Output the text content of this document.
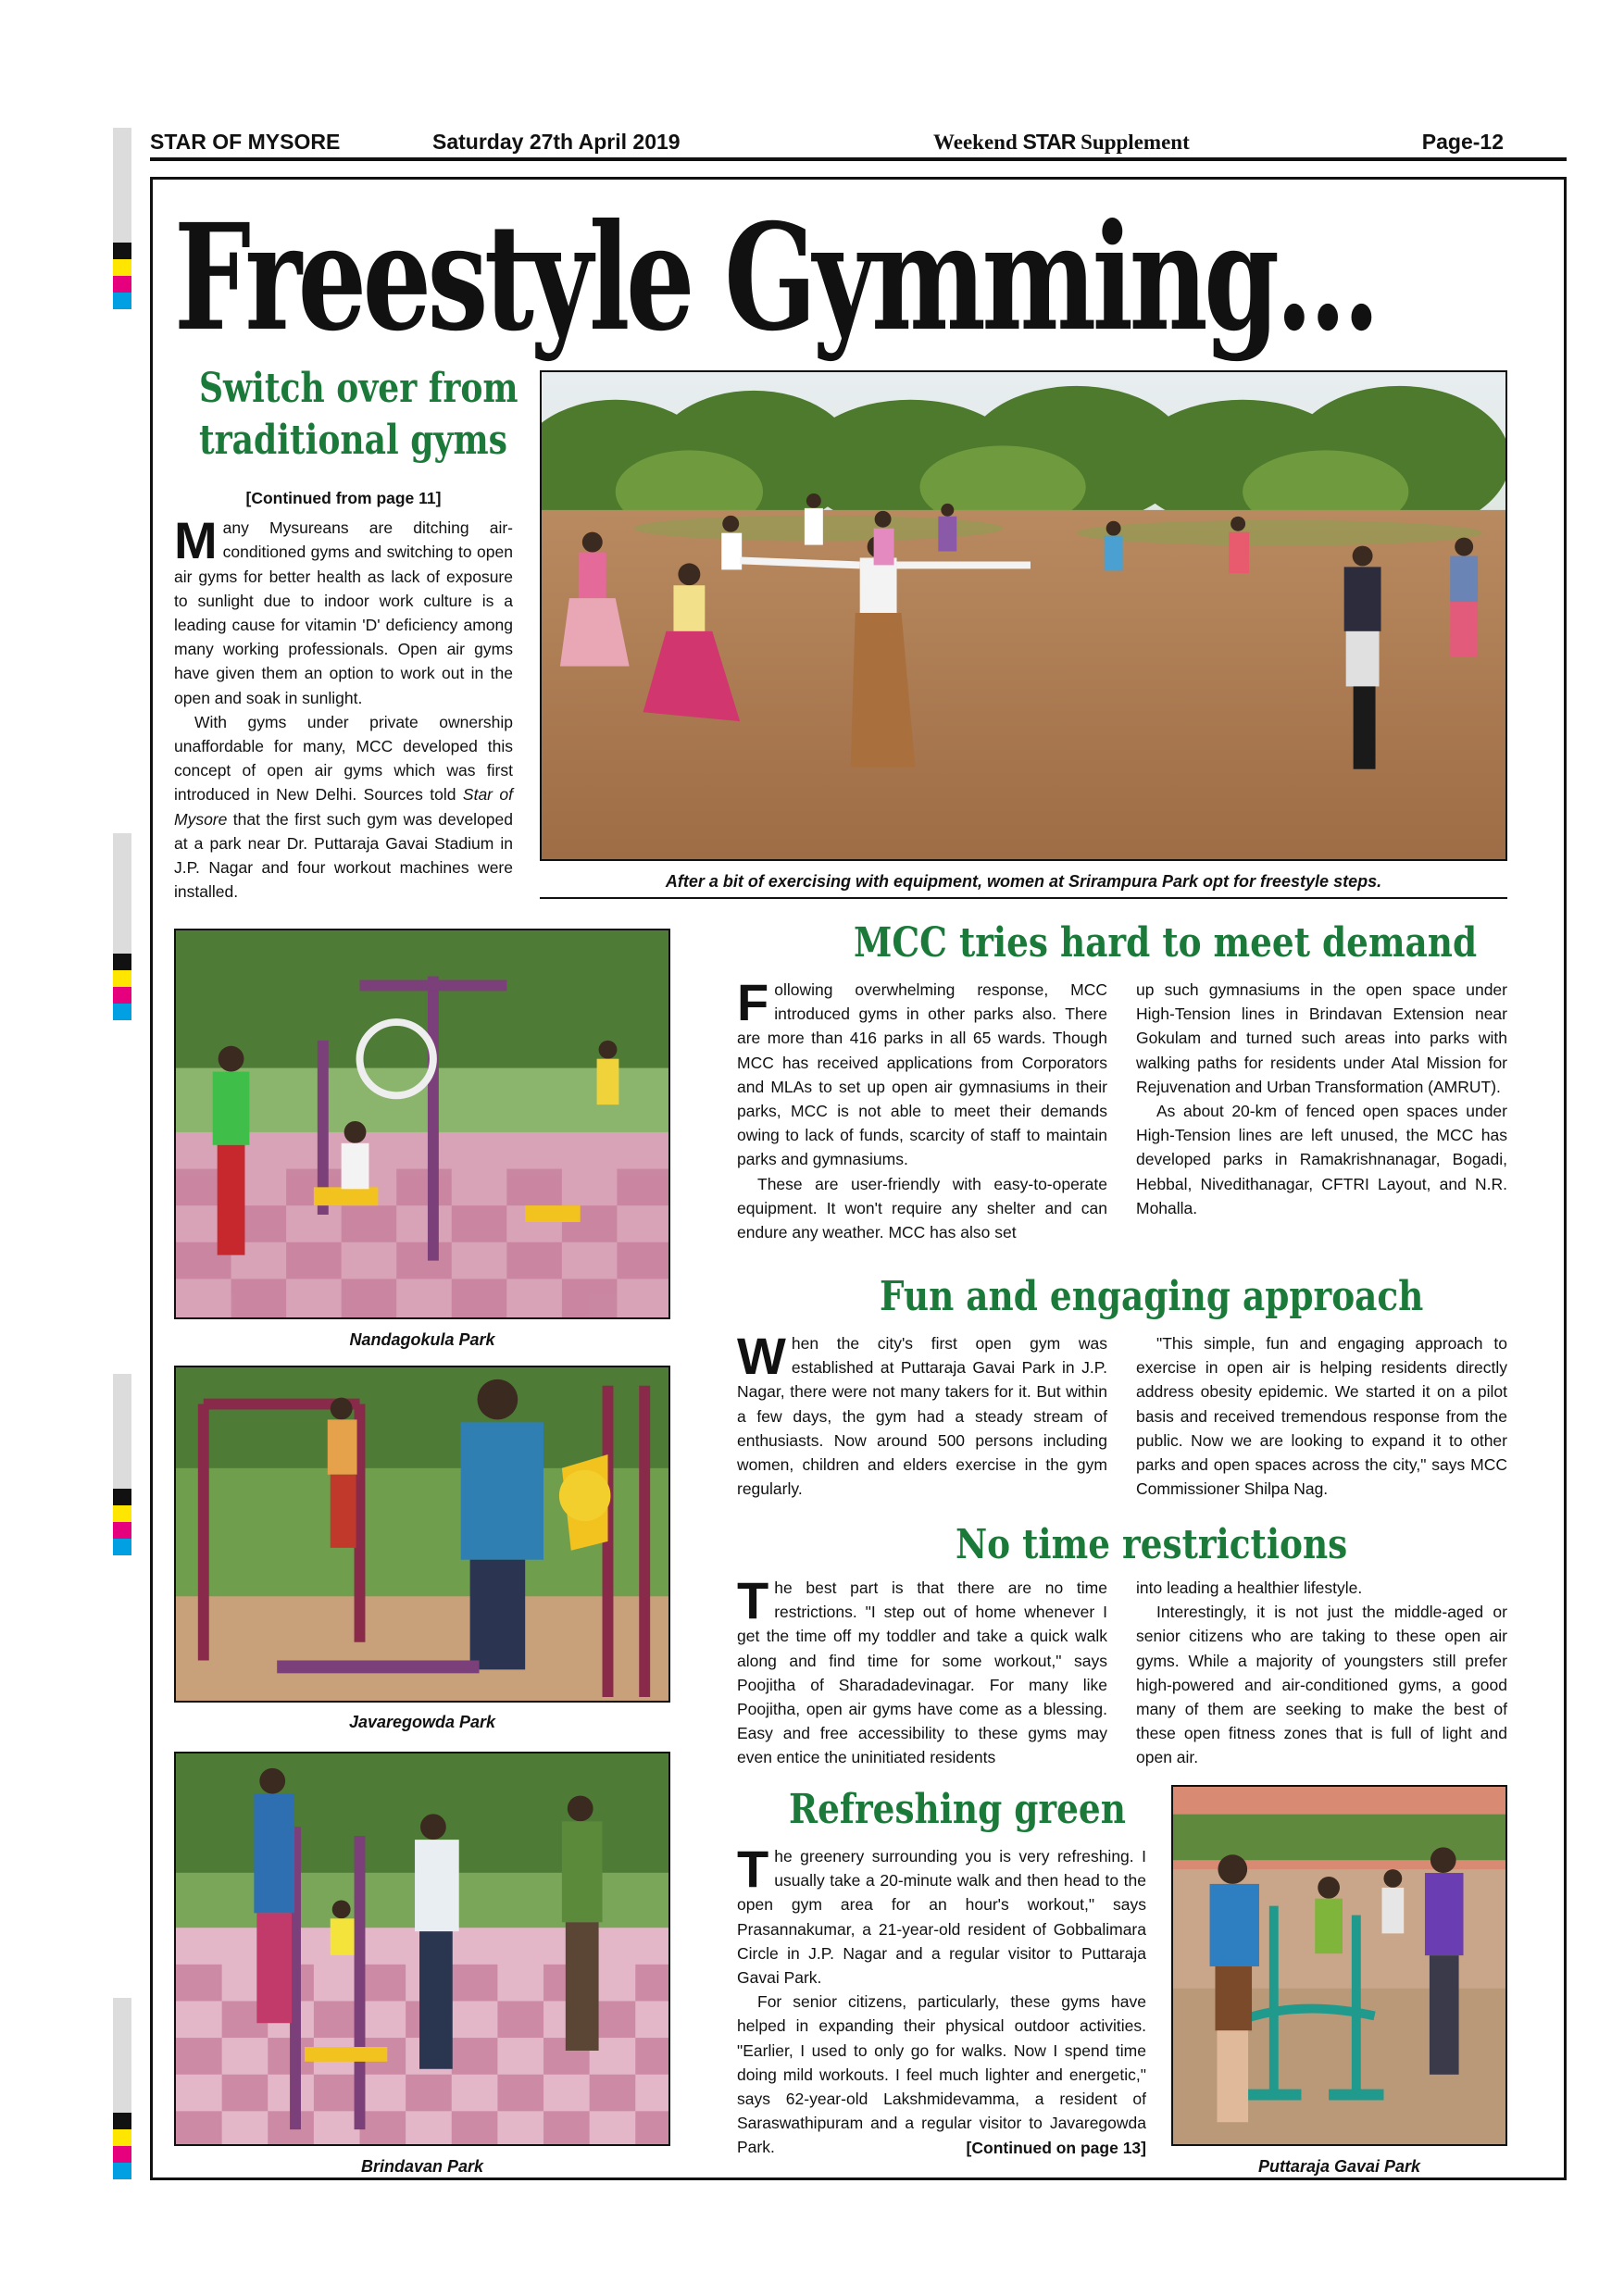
STAR OF MYSORE	Saturday 27th April 2019	Weekend STAR Supplement	Page-12
Freestyle Gymming...
Switch over from
traditional gyms
[Continued from page 11]

Many Mysureans are ditching air-conditioned gyms and switching to open air gyms for better health as lack of exposure to sunlight due to indoor work culture is a leading cause for vitamin 'D' deficiency among many working professionals. Open air gyms have given them an option to work out in the open and soak in sunlight.

With gyms under private ownership unaffordable for many, MCC developed this concept of open air gyms which was first introduced in New Delhi. Sources told Star of Mysore that the first such gym was developed at a park near Dr. Puttaraja Gavai Stadium in J.P. Nagar and four workout machines were installed.

After a bit of exercising with equipment, women at Srirampura Park opt for freestyle steps.
Nandagokula Park
Javaregowda Park
Brindavan Park
MCC tries hard to meet demand

Following overwhelming response, MCC introduced gyms in other parks also. There are more than 416 parks in all 65 wards. Though MCC has received applications from Corporators and MLAs to set up open air gymnasiums in their parks, MCC is not able to meet their demands owing to lack of funds, scarcity of staff to maintain parks and gymnasiums.

These are user-friendly with easy-to-operate equipment. It won't require any shelter and can endure any weather. MCC has also set

up such gymnasiums in the open space under High-Tension lines in Brindavan Extension near Gokulam and turned such areas into parks with walking paths for residents under Atal Mission for Rejuvenation and Urban Transformation (AMRUT).

As about 20-km of fenced open spaces under High-Tension lines are left unused, the MCC has developed parks in Ramakrishnanagar, Bogadi, Hebbal, Nivedithanagar, CFTRI Layout, and N.R. Mohalla.

Fun and engaging approach

When the city's first open gym was established at Puttaraja Gavai Park in J.P. Nagar, there were not many takers for it. But within a few days, the gym had a steady stream of enthusiasts. Now around 500 persons including women, children and elders exercise in the gym regularly.

"This simple, fun and engaging approach to exercise in open air is helping residents directly address obesity epidemic. We started it on a pilot basis and received tremendous response from the public. Now we are looking to expand it to other parks and open spaces across the city," says MCC Commissioner Shilpa Nag.

No time restrictions

The best part is that there are no time restrictions. "I step out of home whenever I get the time off my toddler and take a quick walk along and find time for some workout," says Poojitha of Sharadadevinagar. For many like Poojitha, open air gyms have come as a blessing. Easy and free accessibility to these gyms may even entice the uninitiated residents

into leading a healthier lifestyle.

Interestingly, it is not just the middle-aged or senior citizens who are taking to these open air gyms. While a majority of youngsters still prefer high-powered and air-conditioned gyms, a good many of them are seeking to make the best of these open fitness zones that is full of light and open air.

Refreshing green

The greenery surrounding you is very refreshing. I usually take a 20-minute walk and then head to the open gym area for an hour's workout," says Prasannakumar, a 21-year-old resident of Gobbalimara Circle in J.P. Nagar and a regular visitor to Puttaraja Gavai Park.

For senior citizens, particularly, these gyms have helped in expanding their physical outdoor activities. "Earlier, I used to only go for walks. Now I spend time doing mild workouts. I feel much lighter and energetic," says 62-year-old Lakshmidevamma, a resident of Saraswathipuram and a regular visitor to Javaregowda Park.	[Continued on page 13]
Puttaraja Gavai Park
